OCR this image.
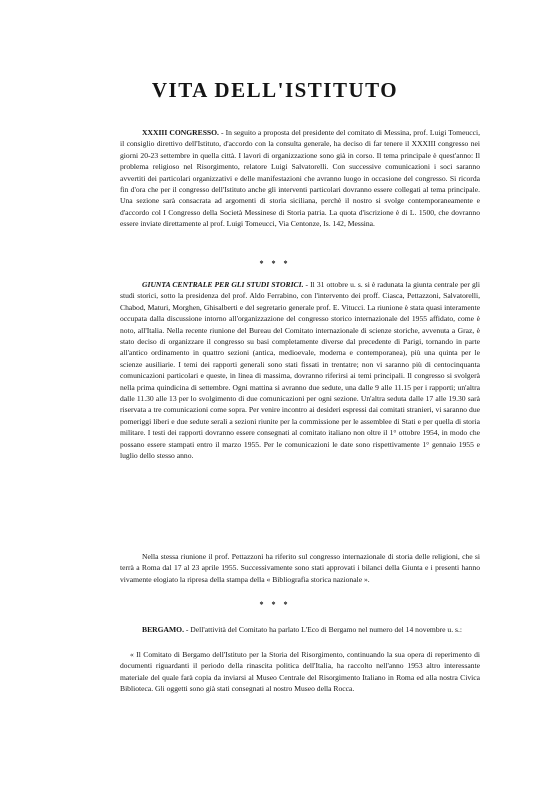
VITA DELL'ISTITUTO

XXXIII CONGRESSO. - In seguito a proposta del presidente del comitato di Messina, prof. Luigi Tomeucci, il consiglio direttivo dell'Istituto, d'accordo con la consulta generale, ha deciso di far tenere il XXXIII congresso nei giorni 20-23 settembre in quella città. I lavori di organizzazione sono già in corso. Il tema principale è quest'anno: Il problema religioso nel Risorgimento, relatore Luigi Salvatorelli. Con successive comunicazioni i soci saranno avvertiti dei particolari organizzativi e delle manifestazioni che avranno luogo in occasione del congresso. Si ricorda fin d'ora che per il congresso dell'Istituto anche gli interventi particolari dovranno essere collegati al tema principale. Una sezione sarà consacrata ad argomenti di storia siciliana, perchè il nostro si svolge contemporaneamente e d'accordo col I Congresso della Società Messinese di Storia patria. La quota d'iscrizione è di L. 1500, che dovranno essere inviate direttamente al prof. Luigi Tomeucci, Via Centonze, Is. 142, Messina.

* * *

GIUNTA CENTRALE PER GLI STUDI STORICI. - Il 31 ottobre u. s. si è radunata la giunta centrale per gli studi storici, sotto la presidenza del prof. Aldo Ferrabino, con l'intervento dei proff. Ciasca, Pettazzoni, Salvatorelli, Chabod, Maturi, Morghen, Ghisalberti e del segretario generale prof. E. Vitucci. La riunione è stata quasi interamente occupata dalla discussione intorno all'organizzazione del congresso storico internazionale del 1955 affidato, come è noto, all'Italia. Nella recente riunione del Bureau del Comitato internazionale di scienze storiche, avvenuta a Graz, è stato deciso di organizzare il congresso su basi completamente diverse dal precedente di Parigi, tornando in parte all'antico ordinamento in quattro sezioni (antica, medioevale, moderna e contemporanea), più una quinta per le scienze ausiliarie. I temi dei rapporti generali sono stati fissati in trentatre; non vi saranno più di centocinquanta comunicazioni particolari e queste, in linea di massima, dovranno riferirsi ai temi principali. Il congresso si svolgerà nella prima quindicina di settembre. Ogni mattina si avranno due sedute, una dalle 9 alle 11.15 per i rapporti; un'altra dalle 11.30 alle 13 per lo svolgimento di due comunicazioni per ogni sezione. Un'altra seduta dalle 17 alle 19.30 sarà riservata a tre comunicazioni come sopra. Per venire incontro ai desideri espressi dai comitati stranieri, vi saranno due pomeriggi liberi e due sedute serali a sezioni riunite per la commissione per le assemblee di Stati e per quella di storia militare. I testi dei rapporti dovranno essere consegnati al comitato italiano non oltre il 1° ottobre 1954, in modo che possano essere stampati entro il marzo 1955. Per le comunicazioni le date sono rispettivamente 1° gennaio 1955 e luglio dello stesso anno.

Nella stessa riunione il prof. Pettazzoni ha riferito sul congresso internazionale di storia delle religioni, che si terrà a Roma dal 17 al 23 aprile 1955. Successivamente sono stati approvati i bilanci della Giunta e i presenti hanno vivamente elogiato la ripresa della stampa della « Bibliografia storica nazionale ».

* * *

BERGAMO. - Dell'attività del Comitato ha parlato L'Eco di Bergamo nel numero del 14 novembre u. s.:

« Il Comitato di Bergamo dell'Istituto per la Storia del Risorgimento, continuando la sua opera di reperimento di documenti riguardanti il periodo della rinascita politica dell'Italia, ha raccolto nell'anno 1953 altro interessante materiale del quale farà copia da inviarsi al Museo Centrale del Risorgimento Italiano in Roma ed alla nostra Civica Biblioteca. Gli oggetti sono già stati consegnati al nostro Museo della Rocca.
